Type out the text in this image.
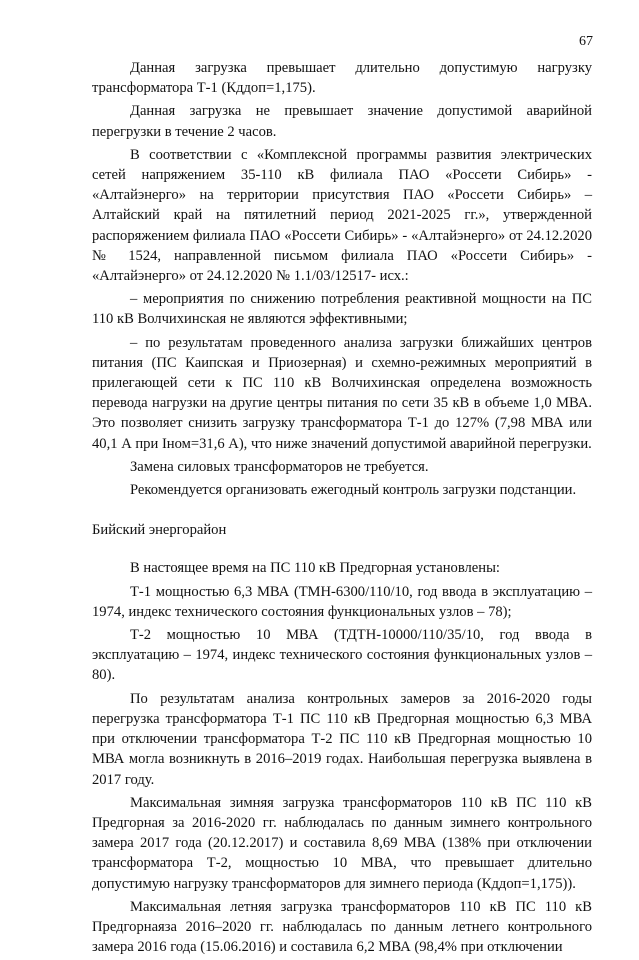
67

Данная загрузка превышает длительно допустимую нагрузку трансформатора Т-1 (Кддоп=1,175).

Данная загрузка не превышает значение допустимой аварийной перегрузки в течение 2 часов.

В соответствии с «Комплексной программы развития электрических сетей напряжением 35-110 кВ филиала ПАО «Россети Сибирь» - «Алтайэнерго» на территории присутствия ПАО «Россети Сибирь» – Алтайский край на пятилетний период 2021-2025 гг.», утвержденной распоряжением филиала ПАО «Россети Сибирь» - «Алтайэнерго» от 24.12.2020 № 1524, направленной письмом филиала ПАО «Россети Сибирь» - «Алтайэнерго» от 24.12.2020 № 1.1/03/12517- исх.:

– мероприятия по снижению потребления реактивной мощности на ПС 110 кВ Волчихинская не являются эффективными;

– по результатам проведенного анализа загрузки ближайших центров питания (ПС Каипская и Приозерная) и схемно-режимных мероприятий в прилегающей сети к ПС 110 кВ Волчихинская определена возможность перевода нагрузки на другие центры питания по сети 35 кВ в объеме 1,0 МВА. Это позволяет снизить загрузку трансформатора Т-1 до 127% (7,98 МВА или 40,1 А при Iном=31,6 А), что ниже значений допустимой аварийной перегрузки.

Замена силовых трансформаторов не требуется.

Рекомендуется организовать ежегодный контроль загрузки подстанции.

Бийский энергорайон

В настоящее время на ПС 110 кВ Предгорная установлены:

Т-1 мощностью 6,3 МВА (ТМН-6300/110/10, год ввода в эксплуатацию – 1974, индекс технического состояния функциональных узлов – 78);

Т-2 мощностью 10 МВА (ТДТН-10000/110/35/10, год ввода в эксплуатацию – 1974, индекс технического состояния функциональных узлов – 80).

По результатам анализа контрольных замеров за 2016-2020 годы перегрузка трансформатора Т-1 ПС 110 кВ Предгорная мощностью 6,3 МВА при отключении трансформатора Т-2 ПС 110 кВ Предгорная мощностью 10 МВА могла возникнуть в 2016–2019 годах. Наибольшая перегрузка выявлена в 2017 году.

Максимальная зимняя загрузка трансформаторов 110 кВ ПС 110 кВ Предгорная за 2016-2020 гг. наблюдалась по данным зимнего контрольного замера 2017 года (20.12.2017) и составила 8,69 МВА (138% при отключении трансформатора Т-2, мощностью 10 МВА, что превышает длительно допустимую нагрузку трансформаторов для зимнего периода (Кддоп=1,175)).

Максимальная летняя загрузка трансформаторов 110 кВ ПС 110 кВ Предгорнаяза 2016–2020 гг. наблюдалась по данным летнего контрольного замера 2016 года (15.06.2016) и составила 6,2 МВА (98,4% при отключении
